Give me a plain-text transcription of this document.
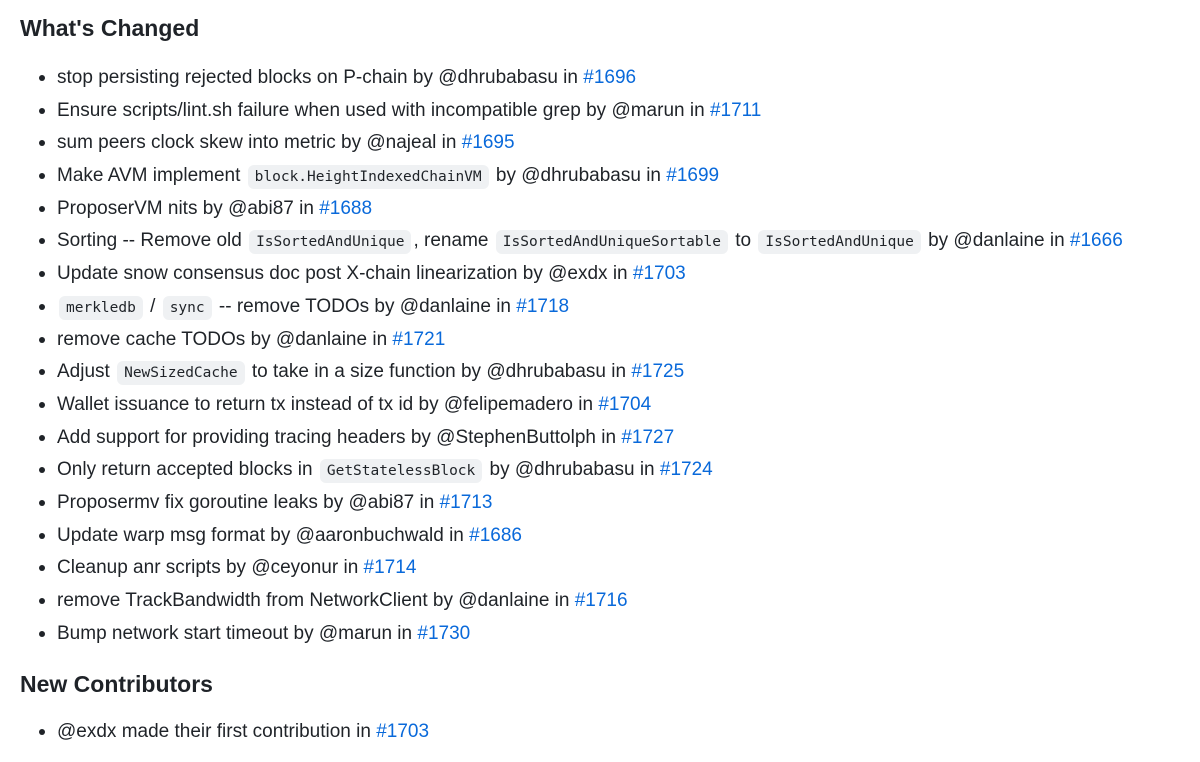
What's Changed
stop persisting rejected blocks on P-chain by @dhrubabasu in #1696
Ensure scripts/lint.sh failure when used with incompatible grep by @marun in #1711
sum peers clock skew into metric by @najeal in #1695
Make AVM implement block.HeightIndexedChainVM by @dhrubabasu in #1699
ProposerVM nits by @abi87 in #1688
Sorting -- Remove old IsSortedAndUnique , rename IsSortedAndUniqueSortable to IsSortedAndUnique by @danlaine in #1666
Update snow consensus doc post X-chain linearization by @exdx in #1703
merkledb / sync -- remove TODOs by @danlaine in #1718
remove cache TODOs by @danlaine in #1721
Adjust NewSizedCache to take in a size function by @dhrubabasu in #1725
Wallet issuance to return tx instead of tx id by @felipemadero in #1704
Add support for providing tracing headers by @StephenButtolph in #1727
Only return accepted blocks in GetStatelessBlock by @dhrubabasu in #1724
Proposermv fix goroutine leaks by @abi87 in #1713
Update warp msg format by @aaronbuchwald in #1686
Cleanup anr scripts by @ceyonur in #1714
remove TrackBandwidth from NetworkClient by @danlaine in #1716
Bump network start timeout by @marun in #1730
New Contributors
@exdx made their first contribution in #1703
